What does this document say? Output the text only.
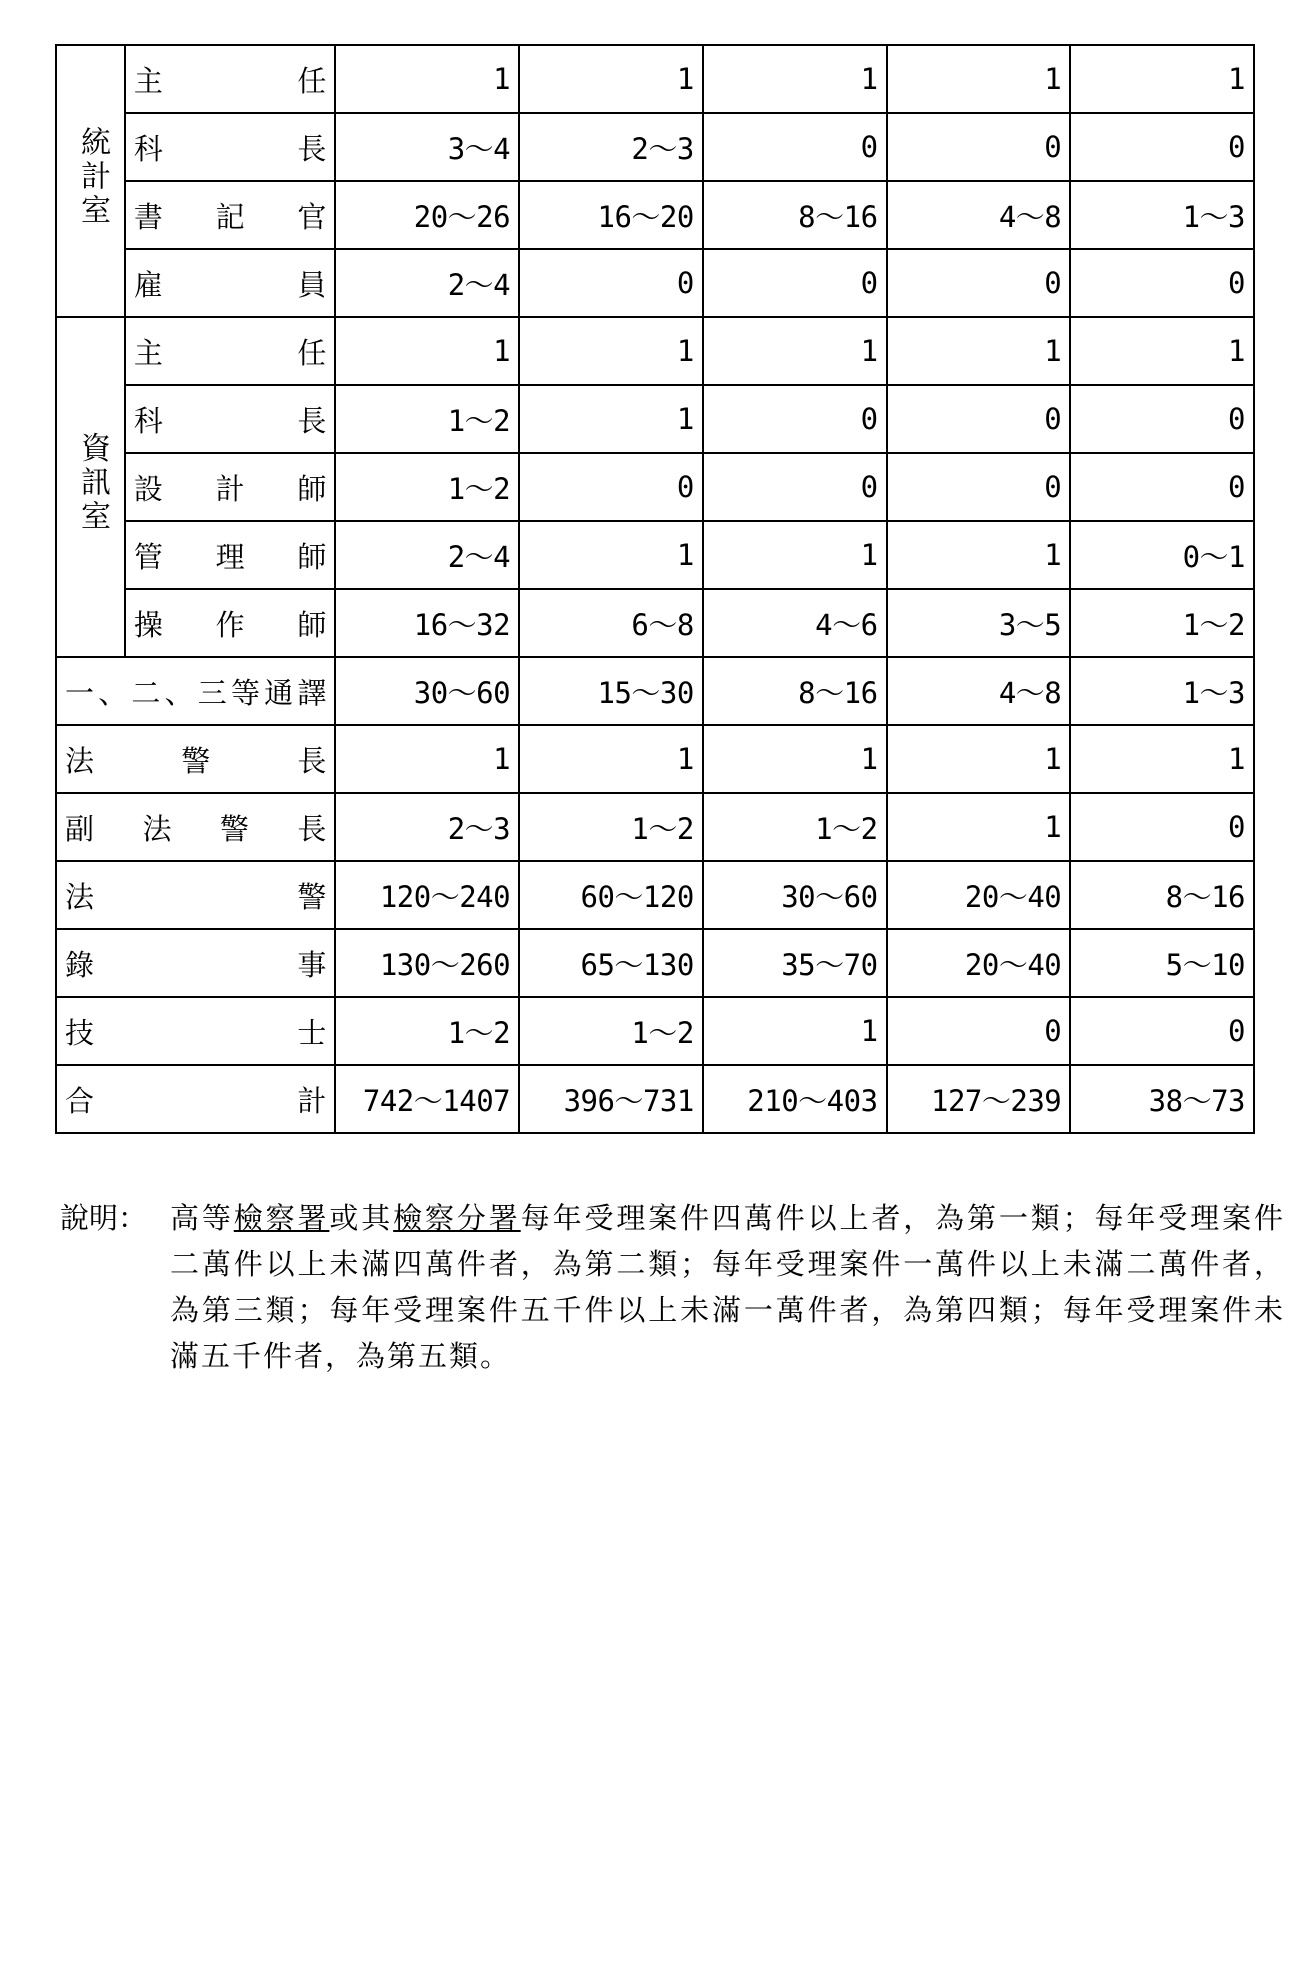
統計室	主任	1	1	1	1	1
	科長	3～4	2～3	0	0	0
	書記官	20～26	16～20	8～16	4～8	1～3
	雇員	2～4	0	0	0	0
資訊室	主任	1	1	1	1	1
	科長	1～2	1	0	0	0
	設計師	1～2	0	0	0	0
	管理師	2～4	1	1	1	0～1
	操作師	16～32	6～8	4～6	3～5	1～2
一、二、三等通譯		30～60	15～30	8～16	4～8	1～3
法警長		1	1	1	1	1
副法警長		2～3	1～2	1～2	1	0
法警		120～240	60～120	30～60	20～40	8～16
錄事		130～260	65～130	35～70	20～40	5～10
技士		1～2	1～2	1	0	0
合計		742～1407	396～731	210～403	127～239	38～73
說明： 高等檢察署或其檢察分署每年受理案件四萬件以上者，為第一類；每年受理案件二萬件以上未滿四萬件者，為第二類；每年受理案件一萬件以上未滿二萬件者，為第三類；每年受理案件五千件以上未滿一萬件者，為第四類；每年受理案件未滿五千件者，為第五類。
